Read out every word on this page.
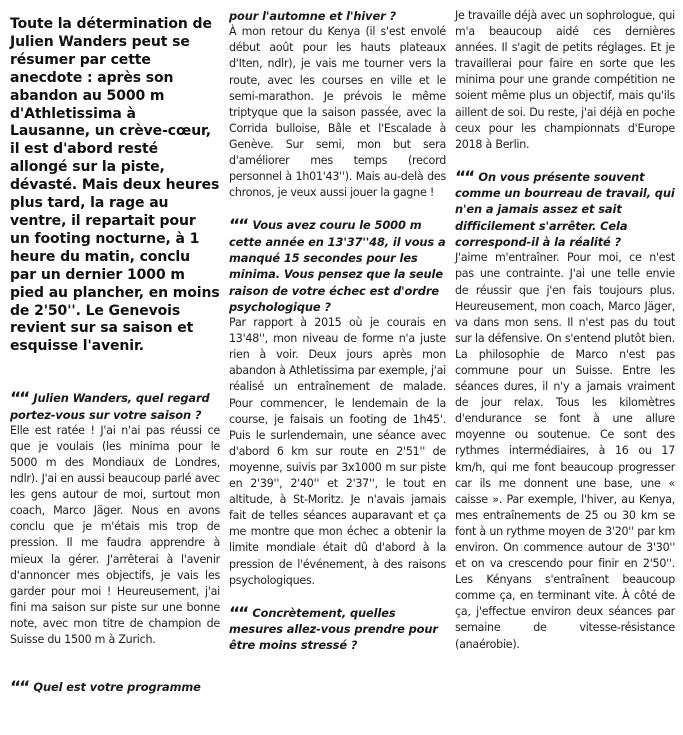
Toute la détermination de Julien Wanders peut se résumer par cette anecdote : après son abandon au 5000 m d'Athletissima à Lausanne, un crève-cœur, il est d'abord resté allongé sur la piste, dévasté. Mais deux heures plus tard, la rage au ventre, il repartait pour un footing nocturne, à 1 heure du matin, conclu par un dernier 1000 m pied au plancher, en moins de 2'50''. Le Genevois revient sur sa saison et esquisse l'avenir.
““ Julien Wanders, quel regard portez-vous sur votre saison ?

Elle est ratée ! J'ai n'ai pas réussi ce que je voulais (les minima pour le 5000 m des Mondiaux de Londres, ndlr). J'ai en aussi beaucoup parlé avec les gens autour de moi, surtout mon coach, Marco Jäger. Nous en avons conclu que je m'étais mis trop de pression. Il me faudra apprendre à mieux la gérer. J'arrêterai à l'avenir d'annoncer mes objectifs, je vais les garder pour moi ! Heureusement, j'ai fini ma saison sur piste sur une bonne note, avec mon titre de champion de Suisse du 1500 m à Zurich.

““ Quel est votre programme
pour l'automne et l'hiver ?

À mon retour du Kenya (il s'est envolé début août pour les hauts plateaux d'Iten, ndlr), je vais me tourner vers la route, avec les courses en ville et le semi-marathon. Je prévois le même triptyque que la saison passée, avec la Corrida bulloise, Bâle et l'Escalade à Genève. Sur semi, mon but sera d'améliorer mes temps (record personnel à 1h01'43''). Mais au-delà des chronos, je veux aussi jouer la gagne !

““ Vous avez couru le 5000 m cette année en 13'37''48, il vous a manqué 15 secondes pour les minima. Vous pensez que la seule raison de votre échec est d'ordre psychologique ?

Par rapport à 2015 où je courais en 13'48'', mon niveau de forme n'a juste rien à voir. Deux jours après mon abandon à Athletissima par exemple, j'ai réalisé un entraînement de malade. Pour commencer, le lendemain de la course, je faisais un footing de 1h45'. Puis le surlendemain, une séance avec d'abord 6 km sur route en 2'51'' de moyenne, suivis par 3x1000 m sur piste en 2'39'', 2'40'' et 2'37'', le tout en altitude, à St-Moritz. Je n'avais jamais fait de telles séances auparavant et ça me montre que mon échec a obtenir la limite mondiale était dû d'abord à la pression de l'événement, à des raisons psychologiques.

““ Concrètement, quelles mesures allez-vous prendre pour être moins stressé ?

Je travaille déjà avec un sophrologue, qui m'a beaucoup aidé ces dernières années. Il s'agit de petits réglages. Et je travaillerai pour faire en sorte que les minima pour une grande compétition ne soient même plus un objectif, mais qu'ils aillent de soi. Du reste, j'ai déjà en poche ceux pour les championnats d'Europe 2018 à Berlin.

““ On vous présente souvent comme un bourreau de travail, qui n'en a jamais assez et sait difficilement s'arrêter. Cela correspond-il à la réalité ?

J'aime m'entraîner. Pour moi, ce n'est pas une contrainte. J'ai une telle envie de réussir que j'en fais toujours plus. Heureusement, mon coach, Marco Jäger, va dans mon sens. Il n'est pas du tout sur la défensive. On s'entend plutôt bien. La philosophie de Marco n'est pas commune pour un Suisse. Entre les séances dures, il n'y a jamais vraiment de jour relax. Tous les kilomètres d'endurance se font à une allure moyenne ou soutenue. Ce sont des rythmes intermédiaires, à 16 ou 17 km/h, qui me font beaucoup progresser car ils me donnent une base, une « caisse ». Par exemple, l'hiver, au Kenya, mes entraînements de 25 ou 30 km se font à un rythme moyen de 3'20'' par km environ. On commence autour de 3'30'' et on va crescendo pour finir en 2'50''. Les Kényans s'entraînent beaucoup comme ça, en terminant vite. À côté de ça, j'effectue environ deux séances par semaine de vitesse-résistance (anaérobie).
